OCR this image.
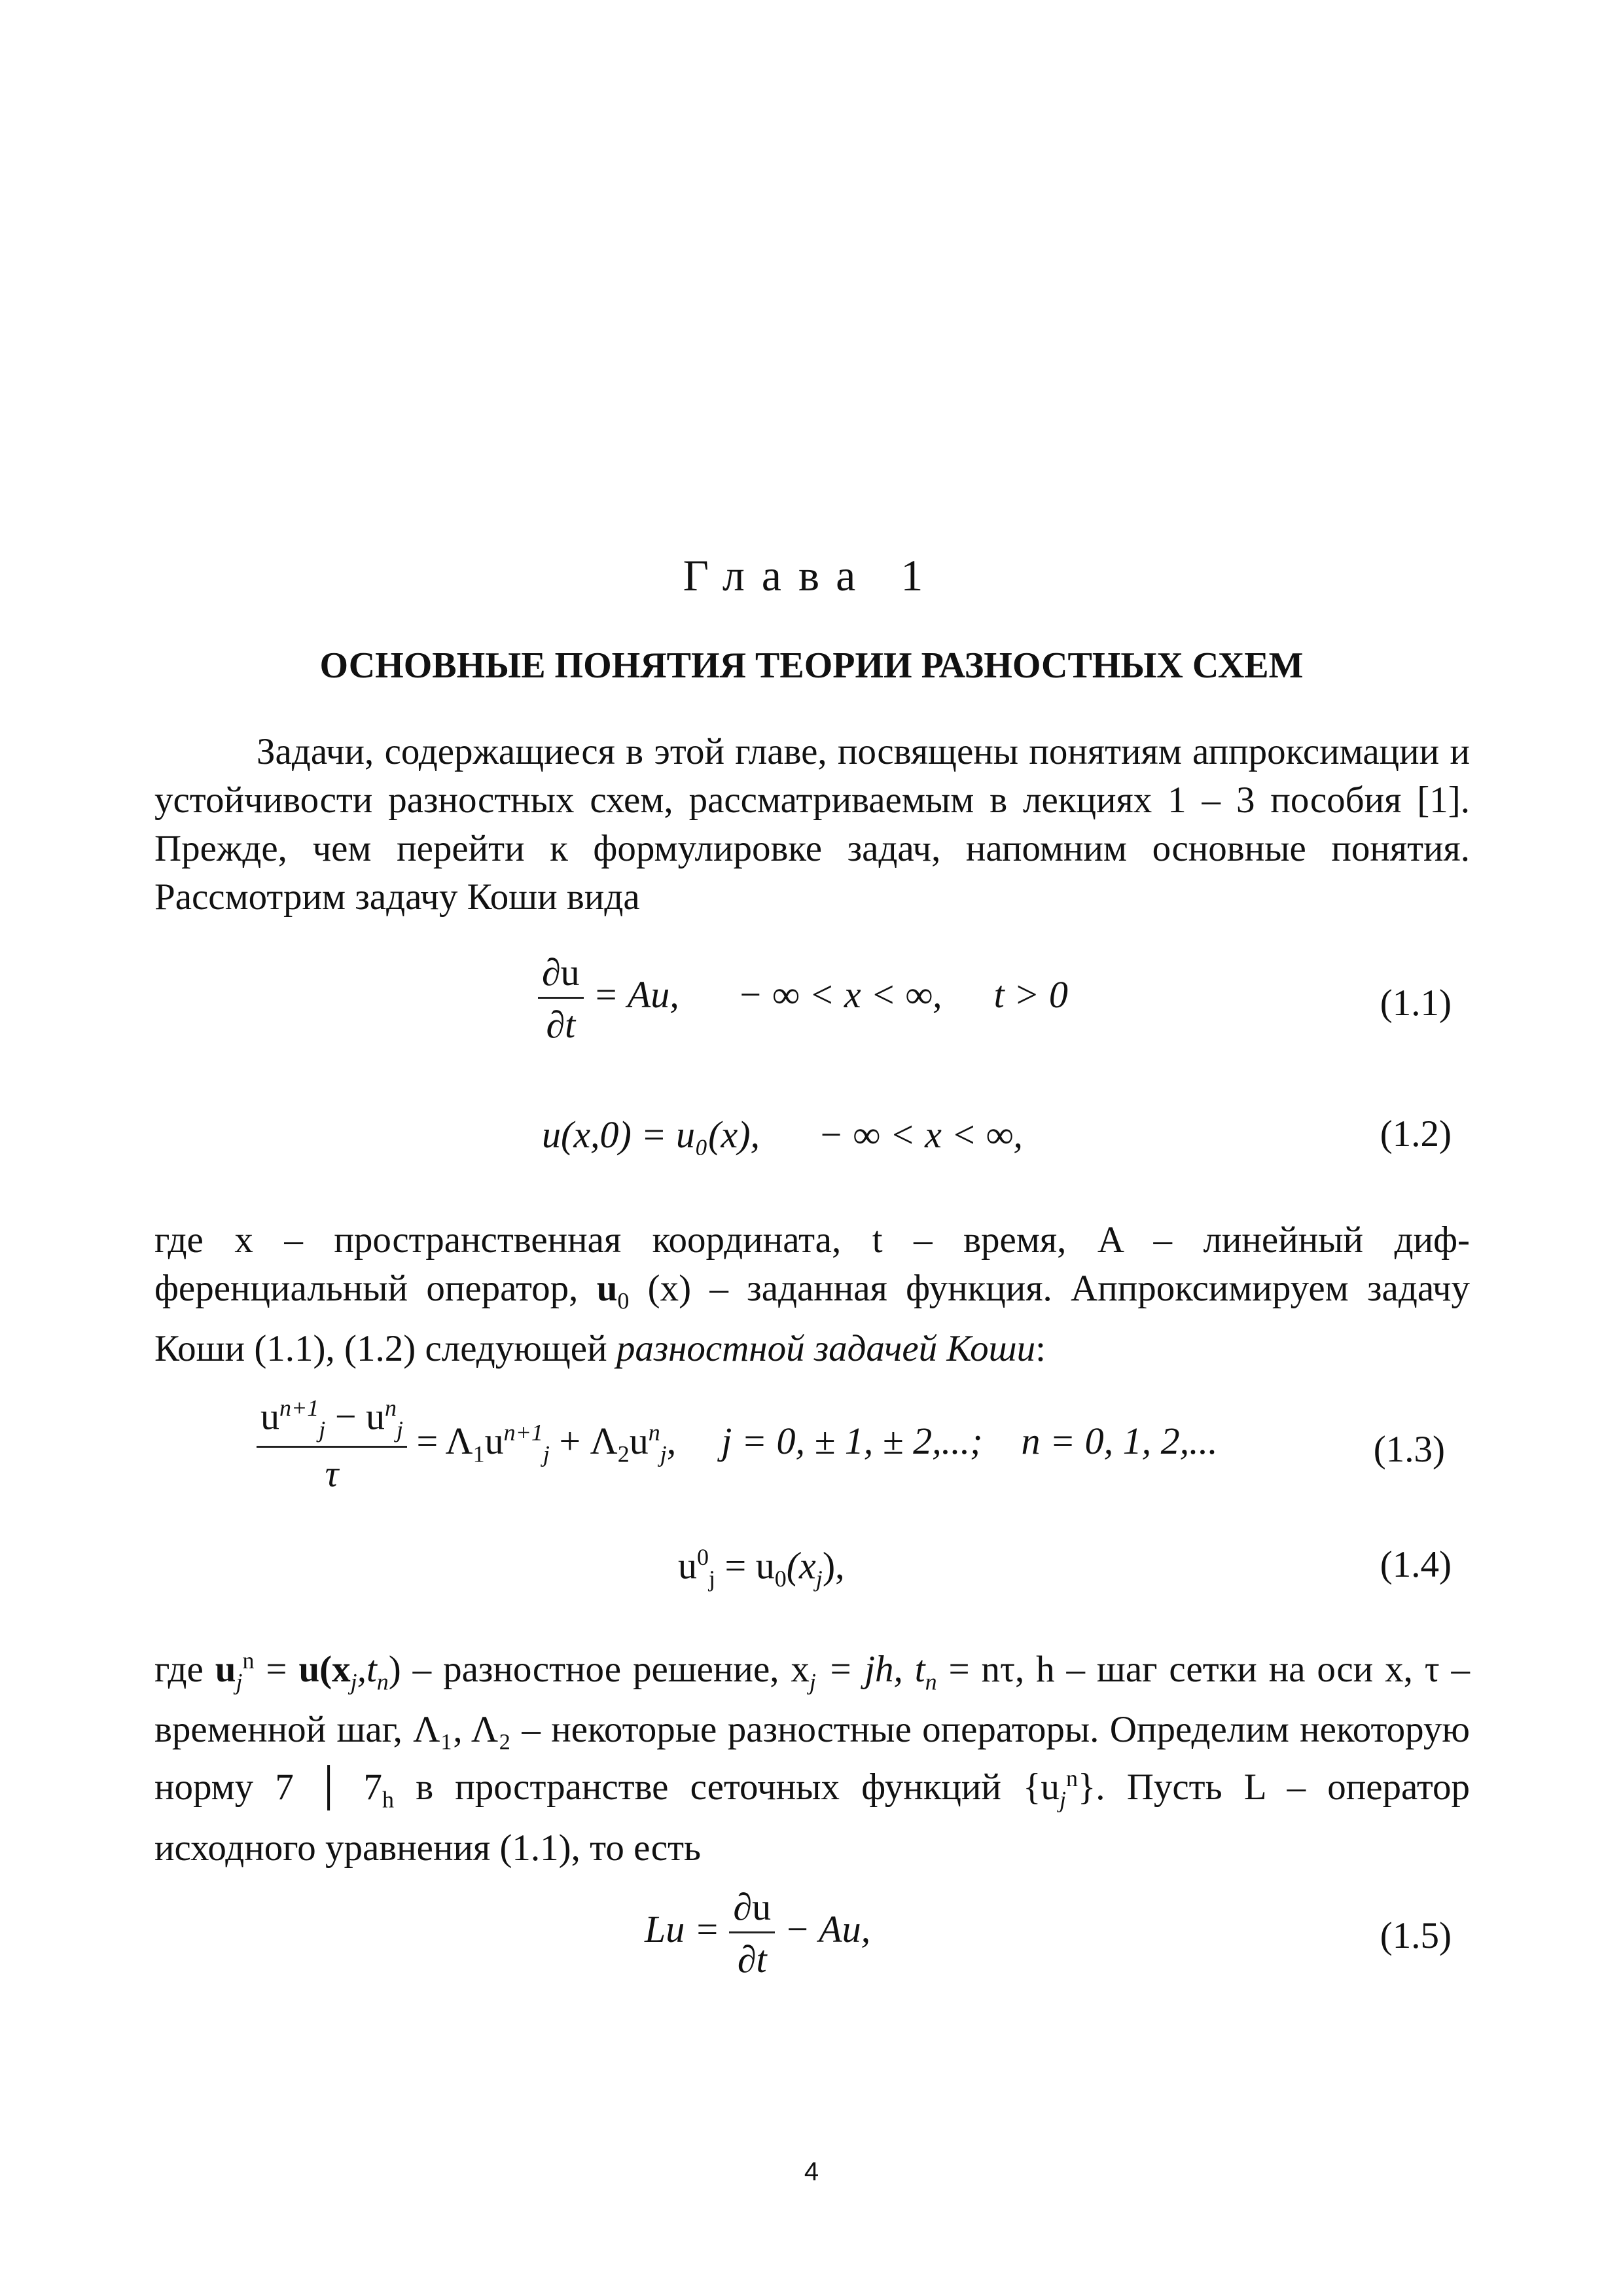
Глава 1
ОСНОВНЫЕ ПОНЯТИЯ ТЕОРИИ РАЗНОСТНЫХ СХЕМ
Задачи, содержащиеся в этой главе, посвящены понятиям аппроксимации и
устойчивости разностных схем, рассматриваемым в лекциях 1 – 3 пособия [1].
Прежде, чем перейти к формулировке задач, напомним основные понятия.
Рассмотрим задачу Коши вида
$\frac{\partial u}{\partial t} = Au$, − ∞ < x < ∞, t > 0	(1.1)
u(x,0) = u₀(x), − ∞ < x < ∞,	(1.2)
где x – пространственная координата, t – время, A – линейный диф-
ференциальный оператор, $u_0$ (x) – заданная функция. Аппроксимируем задачу
Коши (1.1), (1.2) следующей разностной задачей Коши:
$\frac{u^{n+1}_j - u^n_j}{\tau} = \Lambda_1u^{n+1}_j + \Lambda_2u^n_j$,  j = 0, ± 1, ± 2,...; n = 0, 1, 2,...	(1.3)
$u^0_j = u_0(x_j)$,	(1.4)
где $u_j^n = u(x_j,t_n)$ – разностное решение, $x_j$ = jh, $t_n = n\tau$, h – шаг сетки на оси x, τ –
временной шаг, Λ₁, Λ₂ – некоторые разностные операторы. Определим некоторую
норму 7 │ $7_h$ в пространстве сеточных функций $\{u_j^n\}$. Пусть L – оператор
исходного уравнения (1.1), то есть
$Lu = \frac{\partial u}{\partial t} - Au$,	(1.5)
4
